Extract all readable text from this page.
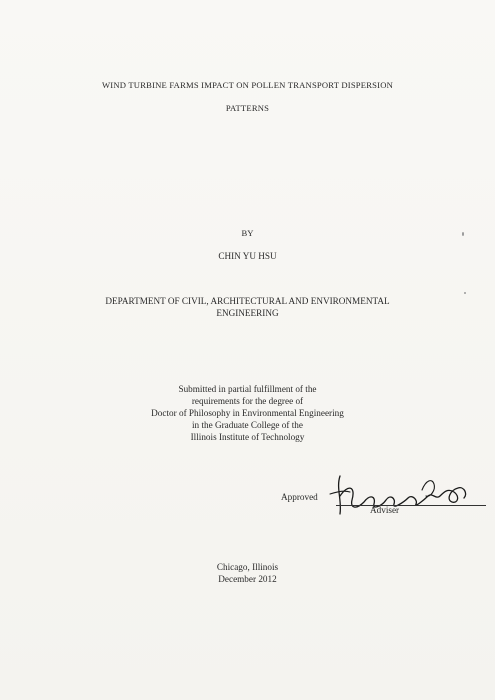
WIND TURBINE FARMS IMPACT ON POLLEN TRANSPORT DISPERSION
PATTERNS
BY
CHIN YU HSU
DEPARTMENT OF CIVIL, ARCHITECTURAL AND ENVIRONMENTAL
ENGINEERING
Submitted in partial fulfillment of the
requirements for the degree of
Doctor of Philosophy in Environmental Engineering
in the Graduate College of the
Illinois Institute of Technology
Approved
Adviser
Chicago, Illinois
December 2012
